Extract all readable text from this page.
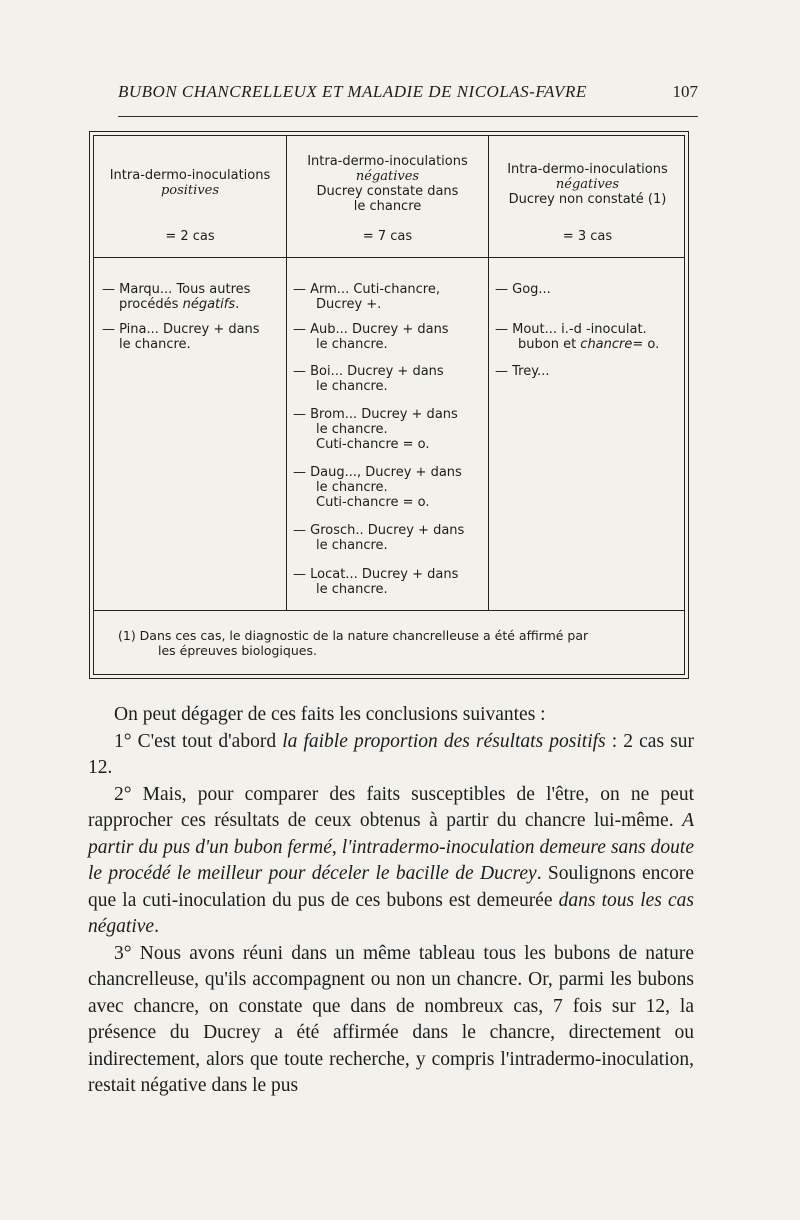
BUBON CHANCRELLEUX ET MALADIE DE NICOLAS-FAVRE	107
Intra-dermo-inoculations
positives
= 2 cas
Intra-dermo-inoculations
négatives
Ducrey constate dans
le chancre
= 7 cas
Intra-dermo-inoculations
négatives
Ducrey non constaté (1)
= 3 cas
— Marqu... Tous autres
procédés négatifs.
— Pina... Ducrey + dans
le chancre.
— Arm... Cuti-chancre,
Ducrey +.
— Aub... Ducrey + dans
le chancre.
— Boi... Ducrey + dans
le chancre.
— Brom... Ducrey + dans
le chancre.
Cuti-chancre = o.
— Daug..., Ducrey + dans
le chancre.
Cuti-chancre = o.
— Grosch.. Ducrey + dans
le chancre.
— Locat... Ducrey + dans
le chancre.
— Gog...
— Mout... i.-d -inoculat.
bubon et chancre= o.
— Trey...
(1) Dans ces cas, le diagnostic de la nature chancrelleuse a été affirmé par
les épreuves biologiques.

On peut dégager de ces faits les conclusions suivantes :

1° C'est tout d'abord la faible proportion des résultats positifs : 2 cas sur 12.

2° Mais, pour comparer des faits susceptibles de l'être, on ne peut rapprocher ces résultats de ceux obtenus à partir du chancre lui-même. A partir du pus d'un bubon fermé, l'intradermo-inoculation demeure sans doute le procédé le meilleur pour déceler le bacille de Ducrey. Soulignons encore que la cuti-inoculation du pus de ces bubons est demeurée dans tous les cas négative.

3° Nous avons réuni dans un même tableau tous les bubons de nature chancrelleuse, qu'ils accompagnent ou non un chancre. Or, parmi les bubons avec chancre, on constate que dans de nombreux cas, 7 fois sur 12, la présence du Ducrey a été affirmée dans le chancre, directement ou indirectement, alors que toute recherche, y compris l'intradermo-inoculation, restait négative dans le pus
